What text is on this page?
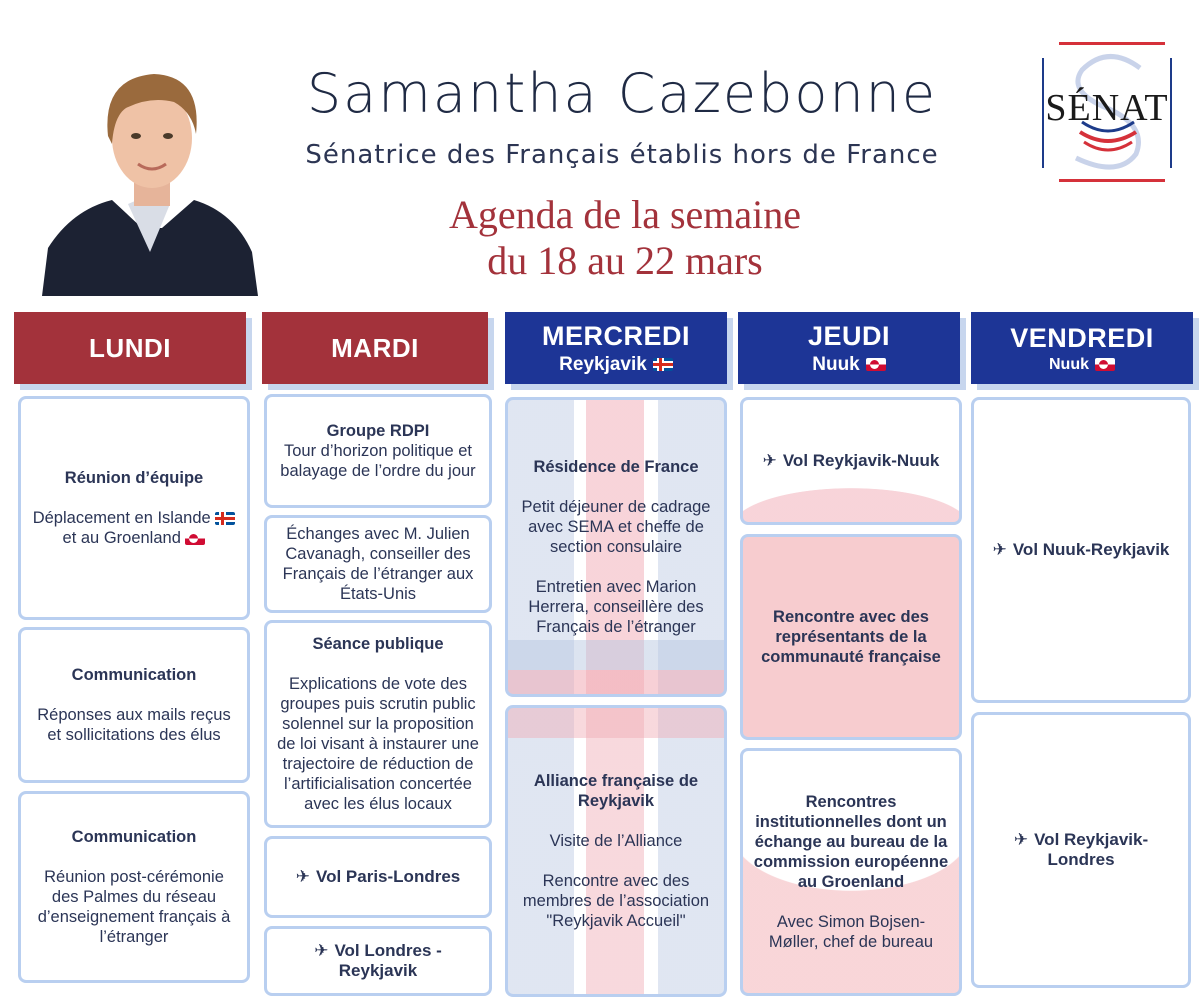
Samantha Cazebonne
Sénatrice des Français établis hors de France
Agenda de la semaine
du 18 au 22 mars
SÉNAT
LUNDI	MARDI	MERCREDI
Reykjavik
JEUDI
Nuuk
VENDREDI
Nuuk

Réunion d’équipe

Déplacement en Islande

et au Groenland

Communication

Réponses aux mails reçus et sollicitations des élus

Communication

Réunion post-cérémonie des Palmes du réseau d’enseignement français à l’étranger

Groupe RDPI

Tour d’horizon politique et balayage de l’ordre du jour

Échanges avec M. Julien Cavanagh, conseiller des Français de l’étranger aux États-Unis

Séance publique

Explications de vote des groupes puis scrutin public solennel sur la proposition de loi visant à instaurer une trajectoire de réduction de l’artificialisation concertée avec les élus locaux

✈ Vol Paris-Londres

✈ Vol Londres - Reykjavik

Résidence de France

Petit déjeuner de cadrage avec SEMA et cheffe de section consulaire

Entretien avec Marion Herrera, conseillère des Français de l’étranger

Alliance française de Reykjavik

Visite de l’Alliance

Rencontre avec des membres de l’association "Reykjavik Accueil"

✈ Vol Reykjavik-Nuuk

Rencontre avec des représentants de la communauté française

Rencontres institutionnelles dont un échange au bureau de la commission européenne au Groenland

Avec Simon Bojsen-Møller, chef de bureau

✈ Vol Nuuk-Reykjavik

✈ Vol Reykjavik-Londres
